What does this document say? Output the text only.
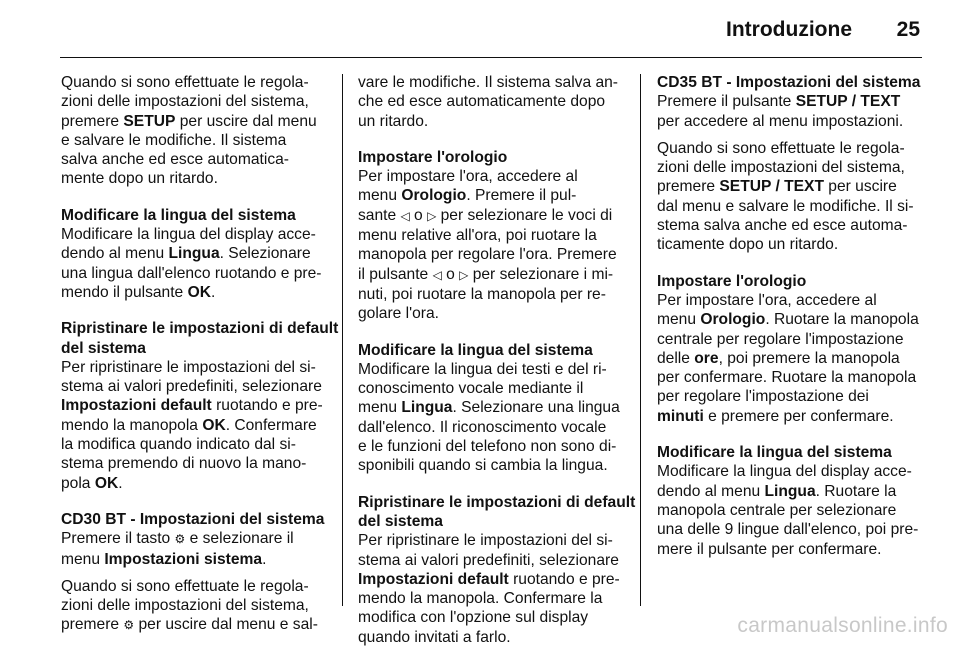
Introduzione 25
Quando si sono effettuate le regola-
zioni delle impostazioni del sistema,
premere SETUP per uscire dal menu
e salvare le modifiche. Il sistema
salva anche ed esce automatica-
mente dopo un ritardo.
Modificare la lingua del sistema
Modificare la lingua del display acce-
dendo al menu Lingua. Selezionare
una lingua dall'elenco ruotando e pre-
mendo il pulsante OK.
Ripristinare le impostazioni di default
del sistema
Per ripristinare le impostazioni del si-
stema ai valori predefiniti, selezionare
Impostazioni default ruotando e pre-
mendo la manopola OK. Confermare
la modifica quando indicato dal si-
stema premendo di nuovo la mano-
pola OK.
CD30 BT - Impostazioni del sistema
Premere il tasto ⚙ e selezionare il
menu Impostazioni sistema.
Quando si sono effettuate le regola-
zioni delle impostazioni del sistema,
premere ⚙ per uscire dal menu e sal-
vare le modifiche. Il sistema salva an-
che ed esce automaticamente dopo
un ritardo.
Impostare l'orologio
Per impostare l'ora, accedere al
menu Orologio. Premere il pul-
sante ◁ o ▷ per selezionare le voci di
menu relative all'ora, poi ruotare la
manopola per regolare l'ora. Premere
il pulsante ◁ o ▷ per selezionare i mi-
nuti, poi ruotare la manopola per re-
golare l'ora.
Modificare la lingua del sistema
Modificare la lingua dei testi e del ri-
conoscimento vocale mediante il
menu Lingua. Selezionare una lingua
dall'elenco. Il riconoscimento vocale
e le funzioni del telefono non sono di-
sponibili quando si cambia la lingua.
Ripristinare le impostazioni di default
del sistema
Per ripristinare le impostazioni del si-
stema ai valori predefiniti, selezionare
Impostazioni default ruotando e pre-
mendo la manopola. Confermare la
modifica con l'opzione sul display
quando invitati a farlo.
CD35 BT - Impostazioni del sistema
Premere il pulsante SETUP / TEXT
per accedere al menu impostazioni.
Quando si sono effettuate le regola-
zioni delle impostazioni del sistema,
premere SETUP / TEXT per uscire
dal menu e salvare le modifiche. Il si-
stema salva anche ed esce automa-
ticamente dopo un ritardo.
Impostare l'orologio
Per impostare l'ora, accedere al
menu Orologio. Ruotare la manopola
centrale per regolare l'impostazione
delle ore, poi premere la manopola
per confermare. Ruotare la manopola
per regolare l'impostazione dei
minuti e premere per confermare.
Modificare la lingua del sistema
Modificare la lingua del display acce-
dendo al menu Lingua. Ruotare la
manopola centrale per selezionare
una delle 9 lingue dall'elenco, poi pre-
mere il pulsante per confermare.
carmanualsonline.info
